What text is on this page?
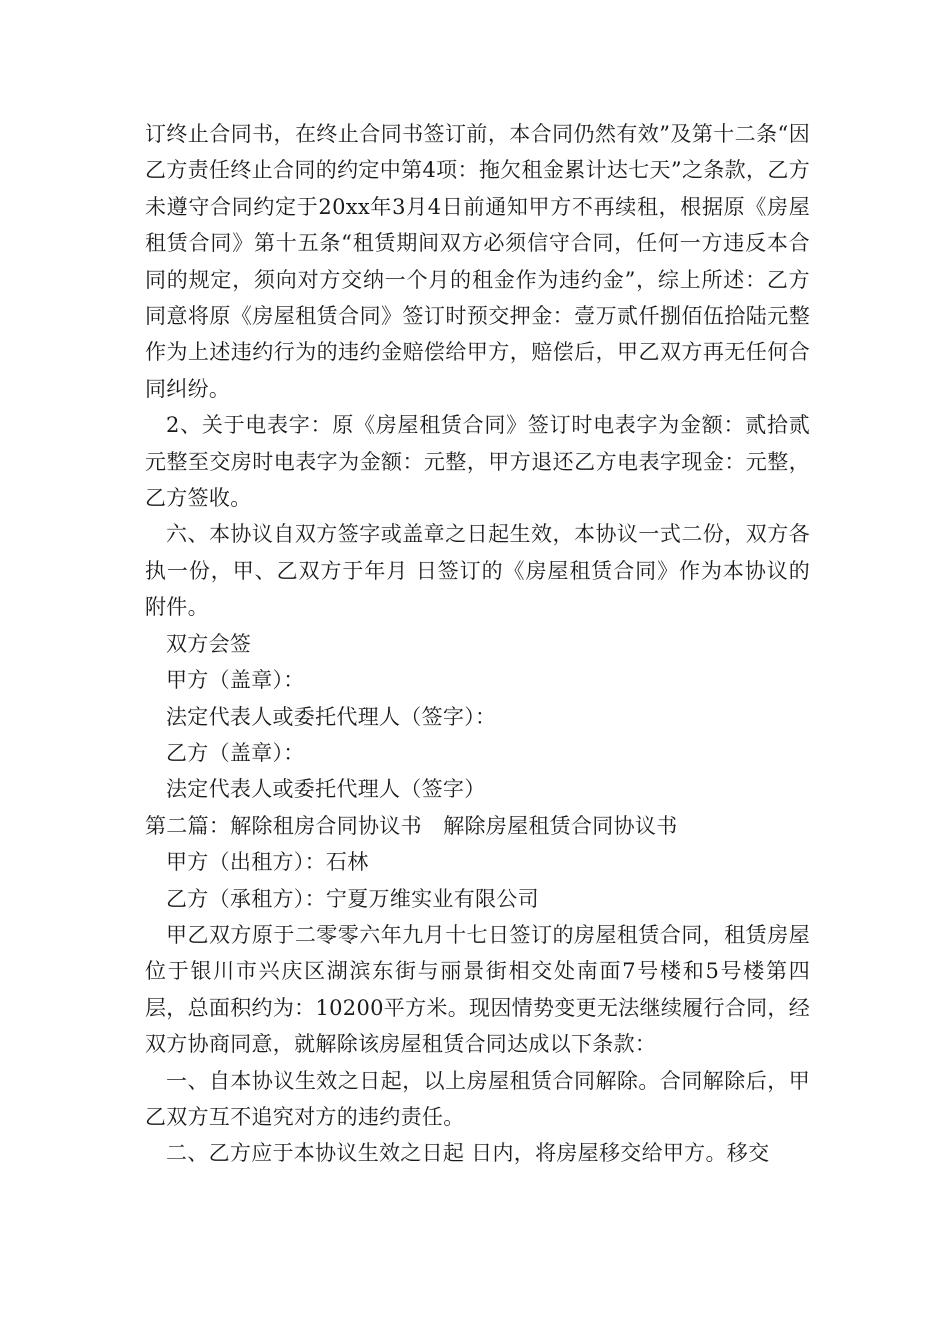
订终止合同书，在终止合同书签订前，本合同仍然有效”及第十二条“因乙方责任终止合同的约定中第4项：拖欠租金累计达七天”之条款，乙方未遵守合同约定于20xx年3月4日前通知甲方不再续租，根据原《房屋租赁合同》第十五条“租赁期间双方必须信守合同，任何一方违反本合同的规定，须向对方交纳一个月的租金作为违约金”，综上所述：乙方同意将原《房屋租赁合同》签订时预交押金：壹万贰仟捌佰伍拾陆元整作为上述违约行为的违约金赔偿给甲方，赔偿后，甲乙双方再无任何合同纠纷。

2、关于电表字：原《房屋租赁合同》签订时电表字为金额：贰拾贰元整至交房时电表字为金额：元整，甲方退还乙方电表字现金：元整，乙方签收。

六、本协议自双方签字或盖章之日起生效，本协议一式二份，双方各执一份，甲、乙双方于年月 日签订的《房屋租赁合同》作为本协议的附件。

双方会签

甲方（盖章）：

法定代表人或委托代理人（签字）：

乙方（盖章）：

法定代表人或委托代理人（签字）

第二篇：解除租房合同协议书　解除房屋租赁合同协议书

甲方（出租方）：石林

乙方（承租方）：宁夏万维实业有限公司

甲乙双方原于二零零六年九月十七日签订的房屋租赁合同，租赁房屋位于银川市兴庆区湖滨东街与丽景街相交处南面7号楼和5号楼第四层，总面积约为：10200平方米。现因情势变更无法继续履行合同，经双方协商同意，就解除该房屋租赁合同达成以下条款：

一、自本协议生效之日起，以上房屋租赁合同解除。合同解除后，甲乙双方互不追究对方的违约责任。

二、乙方应于本协议生效之日起 日内，将房屋移交给甲方。移交
